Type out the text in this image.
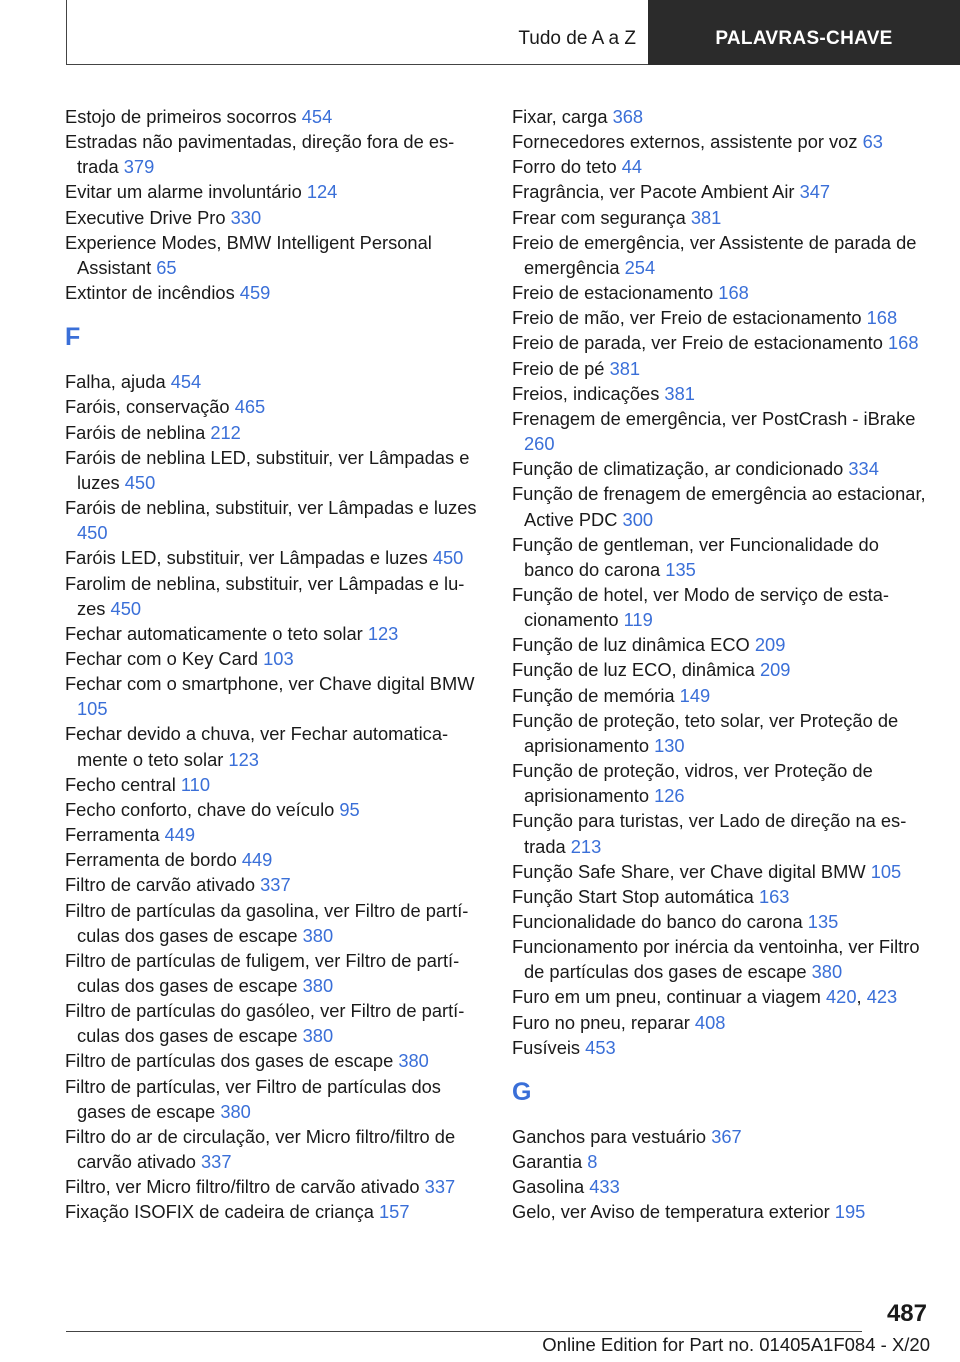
Tudo de A a Z	PALAVRAS-CHAVE
Estojo de primeiros socorros 454
Estradas não pavimentadas, direção fora de estrada 379
Evitar um alarme involuntário 124
Executive Drive Pro 330
Experience Modes, BMW Intelligent Personal Assistant 65
Extintor de incêndios 459
F
Falha, ajuda 454
Faróis, conservação 465
Faróis de neblina 212
Faróis de neblina LED, substituir, ver Lâmpadas e luzes 450
Faróis de neblina, substituir, ver Lâmpadas e luzes 450
Faróis LED, substituir, ver Lâmpadas e luzes 450
Farolim de neblina, substituir, ver Lâmpadas e luzes 450
Fechar automaticamente o teto solar 123
Fechar com o Key Card 103
Fechar com o smartphone, ver Chave digital BMW 105
Fechar devido a chuva, ver Fechar automaticamente o teto solar 123
Fecho central 110
Fecho conforto, chave do veículo 95
Ferramenta 449
Ferramenta de bordo 449
Filtro de carvão ativado 337
Filtro de partículas da gasolina, ver Filtro de partículas dos gases de escape 380
Filtro de partículas de fuligem, ver Filtro de partículas dos gases de escape 380
Filtro de partículas do gasóleo, ver Filtro de partículas dos gases de escape 380
Filtro de partículas dos gases de escape 380
Filtro de partículas, ver Filtro de partículas dos gases de escape 380
Filtro do ar de circulação, ver Micro filtro/filtro de carvão ativado 337
Filtro, ver Micro filtro/filtro de carvão ativado 337
Fixação ISOFIX de cadeira de criança 157
Fixar, carga 368
Fornecedores externos, assistente por voz 63
Forro do teto 44
Fragrância, ver Pacote Ambient Air 347
Frear com segurança 381
Freio de emergência, ver Assistente de parada de emergência 254
Freio de estacionamento 168
Freio de mão, ver Freio de estacionamento 168
Freio de parada, ver Freio de estacionamento 168
Freio de pé 381
Freios, indicações 381
Frenagem de emergência, ver PostCrash - iBrake 260
Função de climatização, ar condicionado 334
Função de frenagem de emergência ao estacionar, Active PDC 300
Função de gentleman, ver Funcionalidade do banco do carona 135
Função de hotel, ver Modo de serviço de estacionamento 119
Função de luz dinâmica ECO 209
Função de luz ECO, dinâmica 209
Função de memória 149
Função de proteção, teto solar, ver Proteção de aprisionamento 130
Função de proteção, vidros, ver Proteção de aprisionamento 126
Função para turistas, ver Lado de direção na estrada 213
Função Safe Share, ver Chave digital BMW 105
Função Start Stop automática 163
Funcionalidade do banco do carona 135
Funcionamento por inércia da ventoinha, ver Filtro de partículas dos gases de escape 380
Furo em um pneu, continuar a viagem 420, 423
Furo no pneu, reparar 408
Fusíveis 453
G
Ganchos para vestuário 367
Garantia 8
Gasolina 433
Gelo, ver Aviso de temperatura exterior 195
487
Online Edition for Part no. 01405A1F084 - X/20
